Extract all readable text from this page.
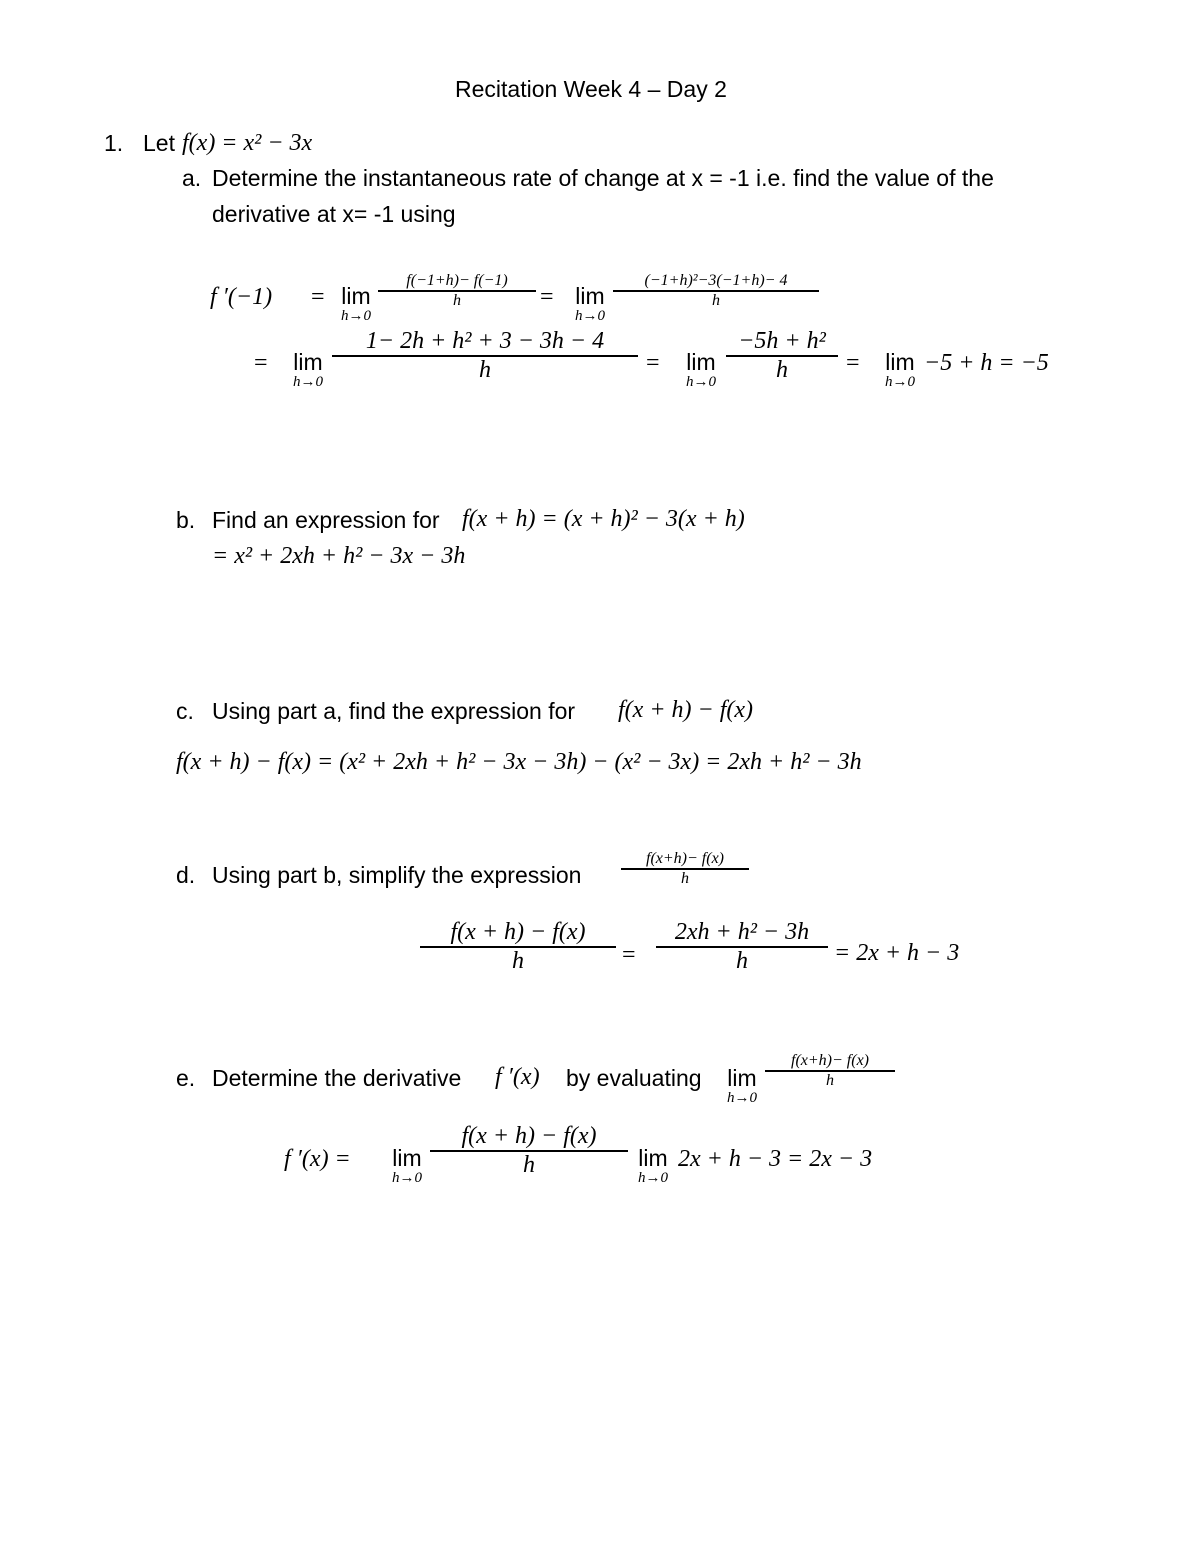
Recitation Week 4 – Day 2
1. Let f(x) = x² − 3x
a. Determine the instantaneous rate of change at x = -1 i.e. find the value of the
derivative at x= -1 using
f ′(−1) = lim
h→0
f(−1+h)− f(−1)
h	= lim
h→0
(−1+h)²−3(−1+h)− 4
h
=	lim
h→0
1− 2h + h² + 3 − 3h − 4
h	=	lim
h→0
−5h + h²
h	=	lim
h→0
−5 + h = −5
b. Find an expression for f(x + h) = (x + h)² − 3(x + h)
= x² + 2xh + h² − 3x − 3h
c. Using part a, find the expression for f(x + h) − f(x)
f(x + h) − f(x) = (x² + 2xh + h² − 3x − 3h) − (x² − 3x) = 2xh + h² − 3h
d. Using part b, simplify the expression
f(x+h)− f(x)
h
f(x + h) − f(x)
h	=
2xh + h² − 3h
h	= 2x + h − 3
e. Determine the derivative f ′(x) by evaluating lim
h→0
f(x+h)− f(x)
h
f ′(x) =	lim
h→0
f(x + h) − f(x)
h	lim
h→0
2x + h − 3 = 2x − 3
